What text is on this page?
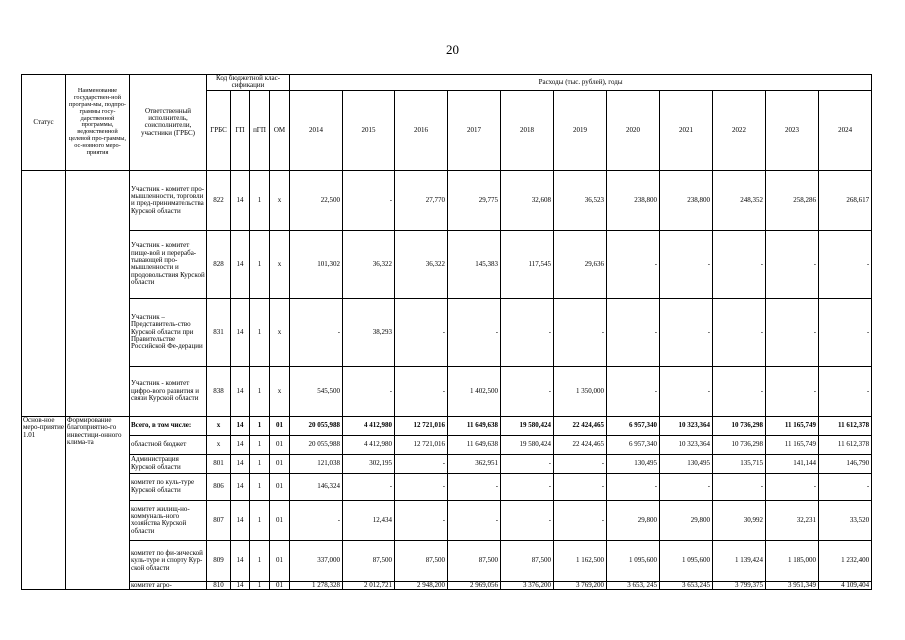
20
Статус	Наименование государствен-ной програм-мы, подпро-граммы госу-дарственной программы, ведомственной целевой про-граммы, ос-новного меро-приятия	Ответственный исполнитель, соисполнители, участники (ГРБС)	Код бюджетной клас-сификации				Расходы (тыс. рублей), годы										
			ГРБС	ГП	пГП	ОМ	2014	2015	2016	2017	2018	2019	2020	2021	2022	2023	2024
		Участник - комитет про-мышленности, торговли и пред-принимательства Курской области	822	14	1	х	22,500	-	27,770	29,775	32,608	36,523	238,800	238,800	248,352	258,286	268,617
		Участник - комитет пище-вой и перераба-тывающей про-мышленности и продовольствия Курской области	828	14	1	х	101,302	36,322	36,322	145,383	117,545	29,636	-	-	-	-	-
		Участник – Представитель-ство Курской области при Правительстве Российской Фе-дерации	831	14	1	х	-	38,293	-	-	-	-	-	-	-	-	-
		Участник - комитет цифро-вого развития и связи Курской области	838	14	1	х	545,500	-	-	1 402,500	-	1 350,000	-	-	-	-	-
Основ-ное меро-приятие 1.01	Формирование благоприятно-го инвестици-онного клима-та	Всего, в том числе:	х	14	1	01	20 055,988	4 412,980	12 721,016	11 649,638	19 580,424	22 424,465	6 957,340	10 323,364	10 736,298	11 165,749	11 612,378
		областной бюджет	х	14	1	01	20 055,988	4 412,980	12 721,016	11 649,638	19 580,424	22 424,465	6 957,340	10 323,364	10 736,298	11 165,749	11 612,378
		Администрация Курской области	801	14	1	01	121,038	302,195	-	362,951	-	-	130,495	130,495	135,715	141,144	146,790
		комитет по куль-туре Курской области	806	14	1	01	146,324	-	-	-	-	-	-	-	-	-	-
		комитет жилищ-но-коммуналь-ного хозяйства Курской области	807	14	1	01	-	12,434	-	-	-	-	29,800	29,800	30,992	32,231	33,520
		комитет по фи-зической куль-туре и спорту Кур-ской области	809	14	1	01	337,000	87,500	87,500	87,500	87,500	1 162,500	1 095,600	1 095,600	1 139,424	1 185,000	1 232,400
		комитет агро-	810	14	1	01	1 278,328	2 012,721	2 948,200	2 969,056	3 376,200	3 769,200	3 653, 245	3 653,245	3 799,375	3 951,349	4 109,404
